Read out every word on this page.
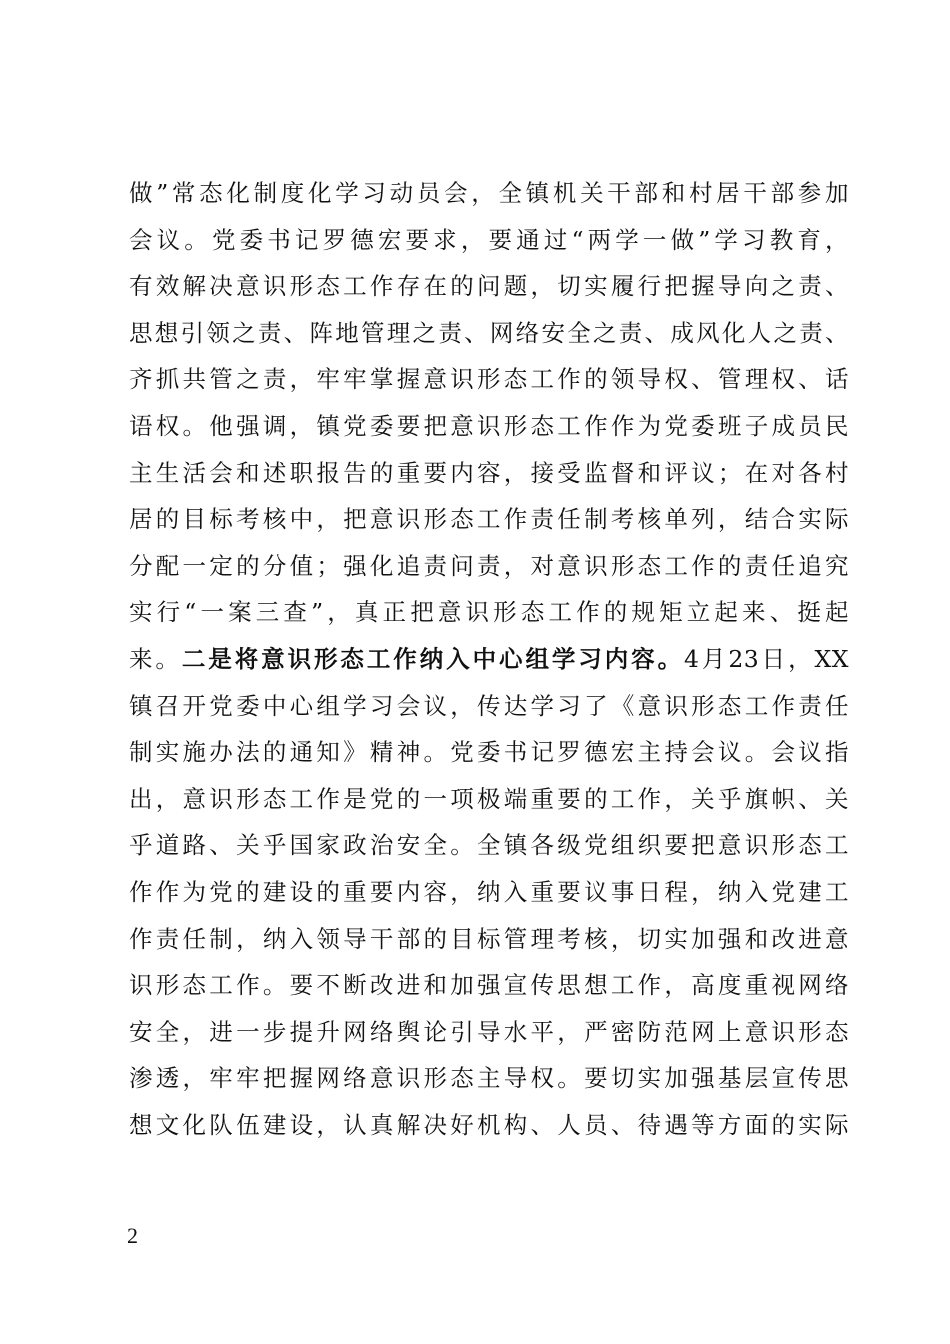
做”常态化制度化学习动员会，全镇机关干部和村居干部参加
会议。党委书记罗德宏要求，要通过“两学一做”学习教育，
有效解决意识形态工作存在的问题，切实履行把握导向之责、
思想引领之责、阵地管理之责、网络安全之责、成风化人之责、
齐抓共管之责，牢牢掌握意识形态工作的领导权、管理权、话
语权。他强调，镇党委要把意识形态工作作为党委班子成员民
主生活会和述职报告的重要内容，接受监督和评议；在对各村
居的目标考核中，把意识形态工作责任制考核单列，结合实际
分配一定的分值；强化追责问责，对意识形态工作的责任追究
实行“一案三查”，真正把意识形态工作的规矩立起来、挺起
来。二是将意识形态工作纳入中心组学习内容。4月23日，XX
镇召开党委中心组学习会议，传达学习了《意识形态工作责任
制实施办法的通知》精神。党委书记罗德宏主持会议。会议指
出，意识形态工作是党的一项极端重要的工作，关乎旗帜、关
乎道路、关乎国家政治安全。全镇各级党组织要把意识形态工
作作为党的建设的重要内容，纳入重要议事日程，纳入党建工
作责任制，纳入领导干部的目标管理考核，切实加强和改进意
识形态工作。要不断改进和加强宣传思想工作，高度重视网络
安全，进一步提升网络舆论引导水平，严密防范网上意识形态
渗透，牢牢把握网络意识形态主导权。要切实加强基层宣传思
想文化队伍建设，认真解决好机构、人员、待遇等方面的实际
2
